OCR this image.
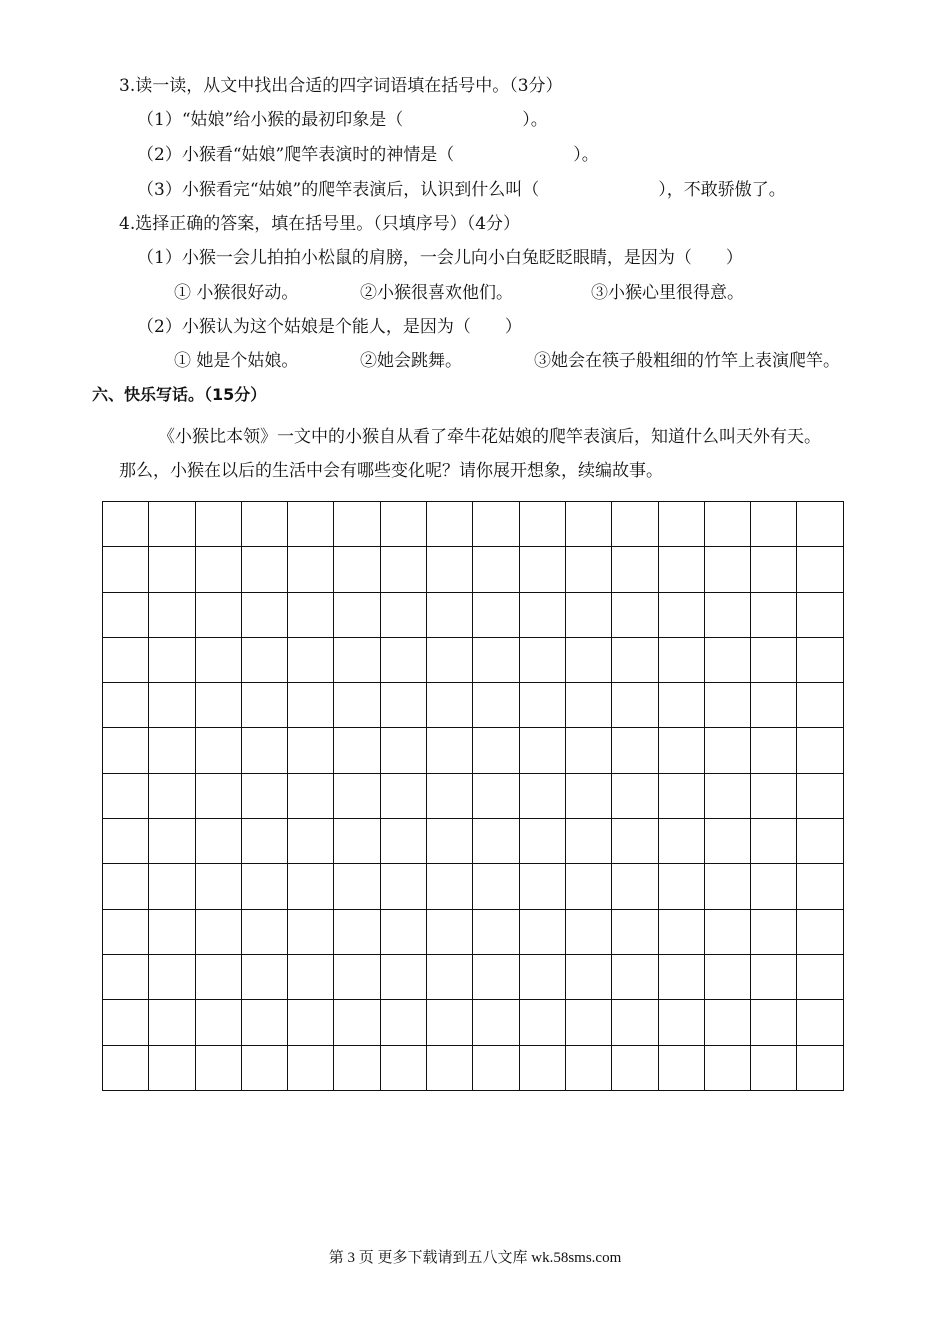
3.读一读，从文中找出合适的四字词语填在括号中。（3分）
（1）“姑娘”给小猴的最初印象是（　　　　　　　）。
（2）小猴看“姑娘”爬竿表演时的神情是（　　　　　　　）。
（3）小猴看完“姑娘”的爬竿表演后，认识到什么叫（　　　　　　　），不敢骄傲了。
4.选择正确的答案，填在括号里。（只填序号）（4分）
（1）小猴一会儿拍拍小松鼠的肩膀，一会儿向小白兔眨眨眼睛，是因为（　　）
① 小猴很好动。	②小猴很喜欢他们。	③小猴心里很得意。
（2）小猴认为这个姑娘是个能人，是因为（　　）
① 她是个姑娘。	②她会跳舞。	③她会在筷子般粗细的竹竿上表演爬竿。
六、快乐写话。（15分）
《小猴比本领》一文中的小猴自从看了牵牛花姑娘的爬竿表演后，知道什么叫天外有天。
那么，小猴在以后的生活中会有哪些变化呢？请你展开想象，续编故事。
第 3 页 更多下载请到五八文库 wk.58sms.com
